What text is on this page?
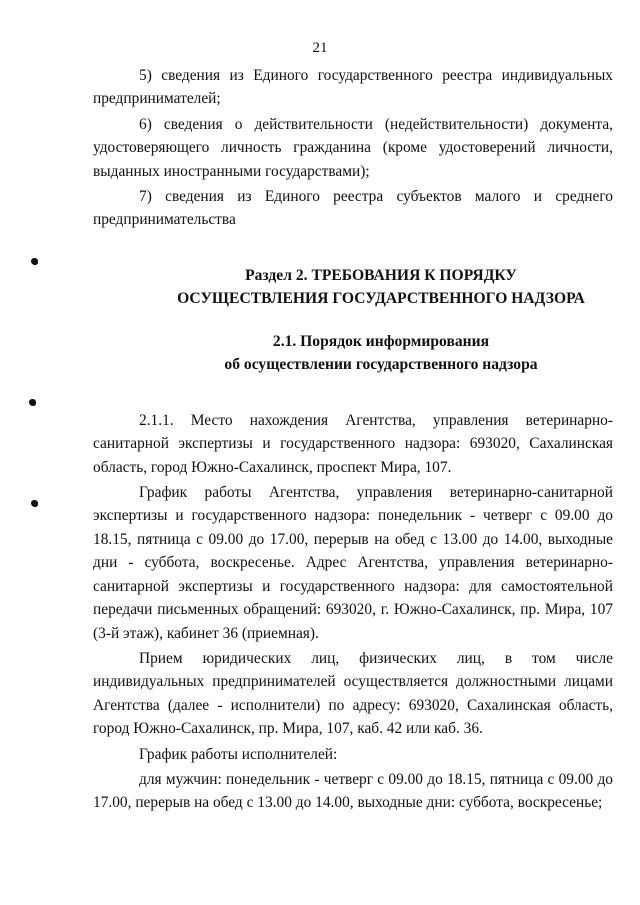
21

5) сведения из Единого государственного реестра индивидуальных предпринимателей;

6) сведения о действительности (недействительности) документа, удостоверяющего личность гражданина (кроме удостоверений личности, выданных иностранными государствами);

7) сведения из Единого реестра субъектов малого и среднего предпринимательства

Раздел 2. ТРЕБОВАНИЯ К ПОРЯДКУ

ОСУЩЕСТВЛЕНИЯ ГОСУДАРСТВЕННОГО НАДЗОРА

2.1. Порядок информирования

об осуществлении государственного надзора

2.1.1. Место нахождения Агентства, управления ветеринарно-санитарной экспертизы и государственного надзора: 693020, Сахалинская область, город Южно-Сахалинск, проспект Мира, 107.

График работы Агентства, управления ветеринарно-санитарной экспертизы и государственного надзора: понедельник - четверг с 09.00 до 18.15, пятница с 09.00 до 17.00, перерыв на обед с 13.00 до 14.00, выходные дни - суббота, воскресенье. Адрес Агентства, управления ветеринарно-санитарной экспертизы и государственного надзора: для самостоятельной передачи письменных обращений: 693020, г. Южно-Сахалинск, пр. Мира, 107 (3-й этаж), кабинет 36 (приемная).

Прием юридических лиц, физических лиц, в том числе индивидуальных предпринимателей осуществляется должностными лицами Агентства (далее - исполнители) по адресу: 693020, Сахалинская область, город Южно-Сахалинск, пр. Мира, 107, каб. 42 или каб. 36.

График работы исполнителей:

для мужчин: понедельник - четверг с 09.00 до 18.15, пятница с 09.00 до 17.00, перерыв на обед с 13.00 до 14.00, выходные дни: суббота, воскресенье;
